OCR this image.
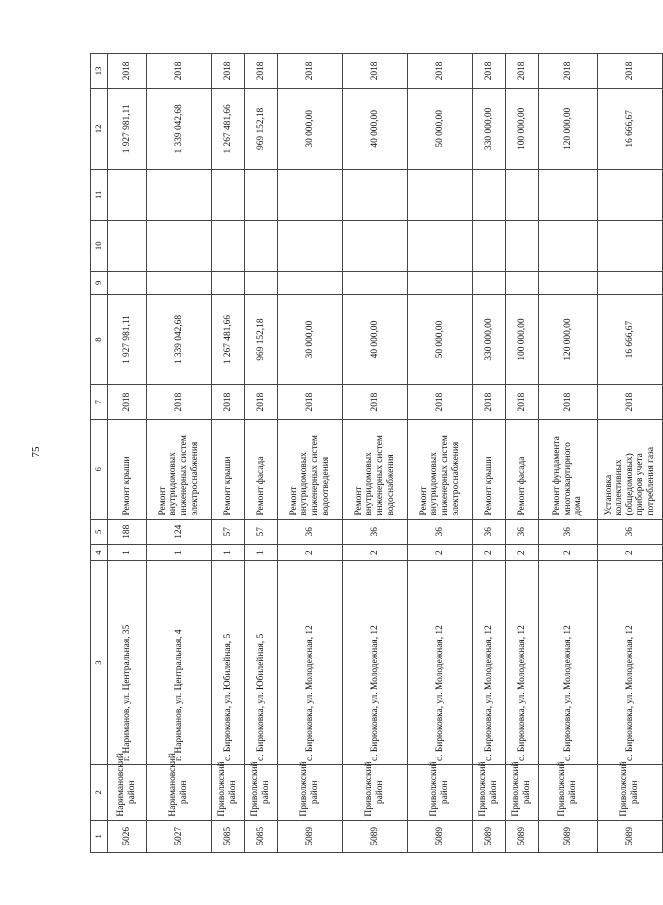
75
1	2	3	4	5	6	7	8	9	10	11	12	13
5026	Наримановский район	г. Нариманов, ул. Центральная, 35	1	188	Ремонт крыши	2018	1 927 981,11				1 927 981,11	2018
5027	Наримановский район	г. Нариманов, ул. Центральная, 4	1	124	Ремонт внутридомовых инженерных систем электроснабжения	2018	1 339 042,68				1 339 042,68	2018
5085	Приволжский район	с. Бирюковка, ул. Юбилейная, 5	1	57	Ремонт крыши	2018	1 267 481,66				1 267 481,66	2018
5085	Приволжский район	с. Бирюковка, ул. Юбилейная, 5	1	57	Ремонт фасада	2018	969 152,18				969 152,18	2018
5089	Приволжский район	с. Бирюковка, ул. Молодежная, 12	2	36	Ремонт внутридомовых инженерных систем водоотведения	2018	30 000,00				30 000,00	2018
5089	Приволжский район	с. Бирюковка, ул. Молодежная, 12	2	36	Ремонт внутридомовых инженерных систем водоснабжения	2018	40 000,00				40 000,00	2018
5089	Приволжский район	с. Бирюковка, ул. Молодежная, 12	2	36	Ремонт внутридомовых инженерных систем электроснабжения	2018	50 000,00				50 000,00	2018
5089	Приволжский район	с. Бирюковка, ул. Молодежная, 12	2	36	Ремонт крыши	2018	330 000,00				330 000,00	2018
5089	Приволжский район	с. Бирюковка, ул. Молодежная, 12	2	36	Ремонт фасада	2018	100 000,00				100 000,00	2018
5089	Приволжский район	с. Бирюковка, ул. Молодежная, 12	2	36	Ремонт фундамента многоквартирного дома	2018	120 000,00				120 000,00	2018
5089	Приволжский район	с. Бирюковка, ул. Молодежная, 12	2	36	Установка коллективных (общедомовых) приборов учета потребления газа	2018	16 666,67				16 666,67	2018
